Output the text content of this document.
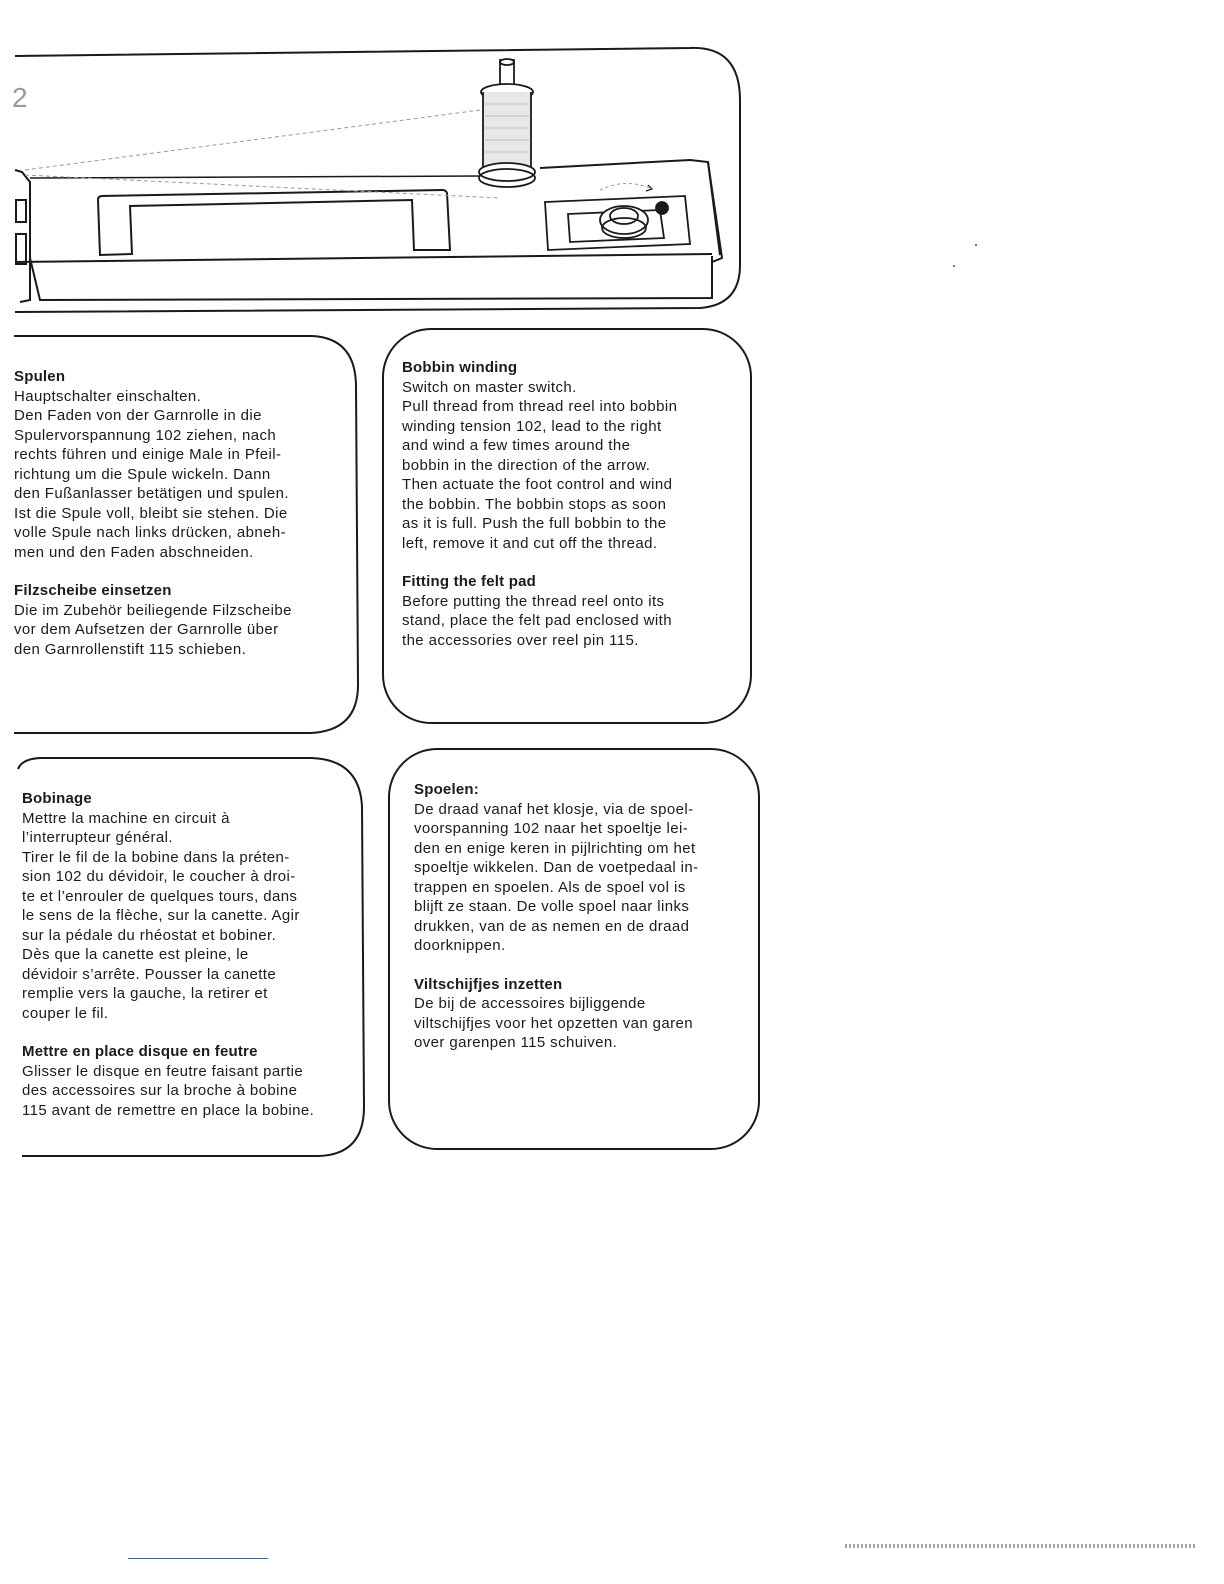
2
Spulen

Hauptschalter einschalten.
Den Faden von der Garnrolle in die
Spulervorspannung 102 ziehen, nach
rechts führen und einige Male in Pfeil-
richtung um die Spule wickeln. Dann
den Fußanlasser betätigen und spulen.
Ist die Spule voll, bleibt sie stehen. Die
volle Spule nach links drücken, abneh-
men und den Faden abschneiden.

Filzscheibe einsetzen

Die im Zubehör beiliegende Filzscheibe
vor dem Aufsetzen der Garnrolle über
den Garnrollenstift 115 schieben.

Bobbin winding

Switch on master switch.
Pull thread from thread reel into bobbin
winding tension 102, lead to the right
and wind a few times around the
bobbin in the direction of the arrow.
Then actuate the foot control and wind
the bobbin. The bobbin stops as soon
as it is full. Push the full bobbin to the
left, remove it and cut off the thread.

Fitting the felt pad

Before putting the thread reel onto its
stand, place the felt pad enclosed with
the accessories over reel pin 115.

Bobinage

Mettre la machine en circuit à
l’interrupteur général.
Tirer le fil de la bobine dans la préten-
sion 102 du dévidoir, le coucher à droi-
te et l’enrouler de quelques tours, dans
le sens de la flèche, sur la canette. Agir
sur la pédale du rhéostat et bobiner.
Dès que la canette est pleine, le
dévidoir s’arrête. Pousser la canette
remplie vers la gauche, la retirer et
couper le fil.

Mettre en place disque en feutre

Glisser le disque en feutre faisant partie
des accessoires sur la broche à bobine
115 avant de remettre en place la bobine.

Spoelen:

De draad vanaf het klosje, via de spoel-
voorspanning 102 naar het spoeltje lei-
den en enige keren in pijlrichting om het
spoeltje wikkelen. Dan de voetpedaal in-
trappen en spoelen. Als de spoel vol is
blijft ze staan. De volle spoel naar links
drukken, van de as nemen en de draad
doorknippen.

Viltschijfjes inzetten

De bij de accessoires bijliggende
viltschijfjes voor het opzetten van garen
over garenpen 115 schuiven.
